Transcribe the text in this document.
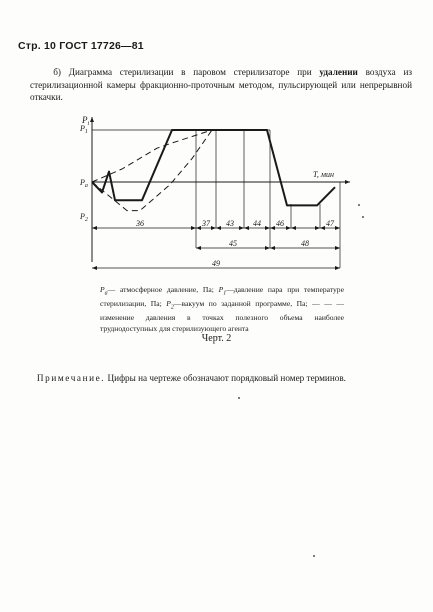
Стр. 10 ГОСТ 17726—81
б) Диаграмма стерилизации в паровом стерилизаторе при удалении воздуха из стерилизационной камеры фракционно-проточным методом, пульсирующей или непрерывной откачки.
$P_i$
T, мин
$P_1$
$P_a$
$P_2$	36	37 43 44 46	47
45	48
49
$P_a—$ атмосферное давление, Па; $P_1—давление$ пара при температуре стерилизации, Па; $P_2—вакуум$ по заданной программе, Па; — — —изменение давления в точках полезного объема наиболее труднодоступных для стерилизующего агента
Черт. 2
Примечание. Цифры на чертеже обозначают порядковый номер терминов.
